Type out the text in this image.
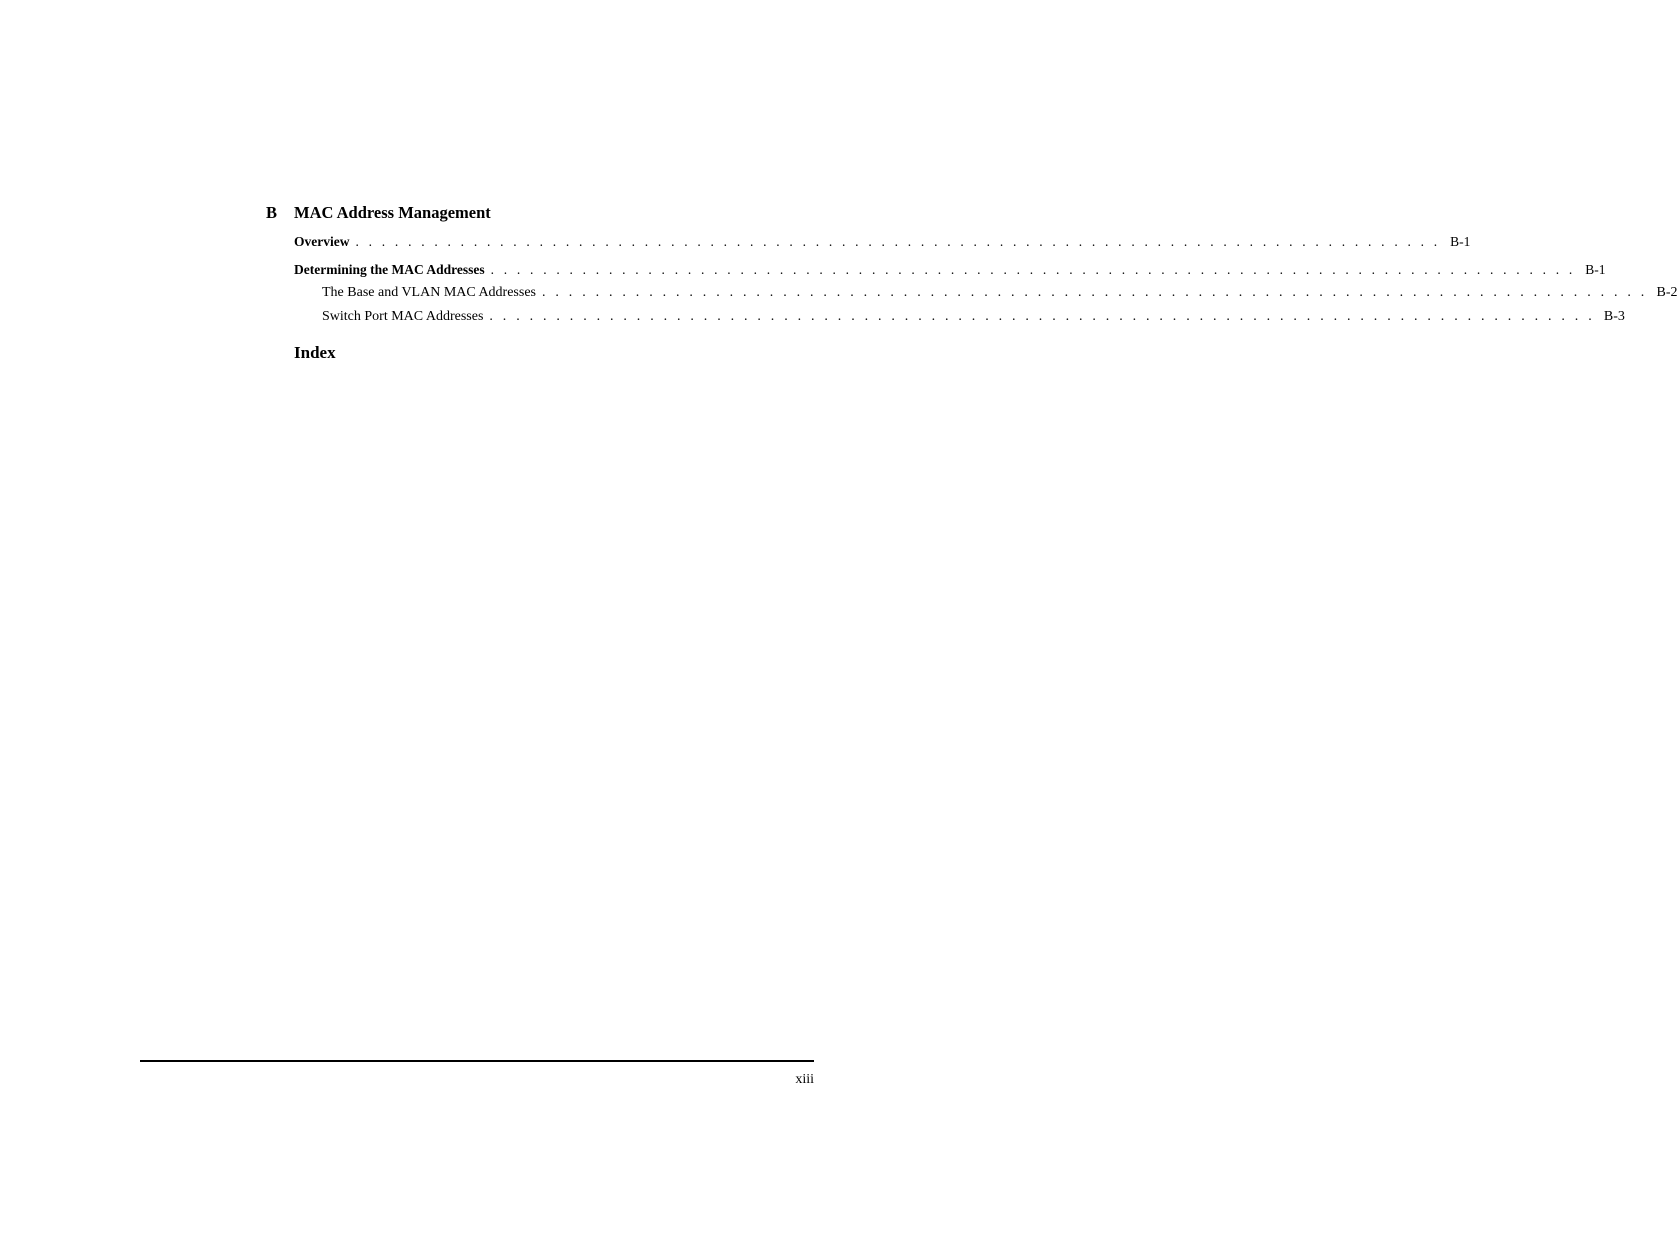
B	MAC Address Management
Overview . . . . . . . . . . . . . . . . . . . . . . . . . . . . . . . . . . . . . . . . . . . . . . . . . . . . . . . . . . . . . . . . . . . . . . . . . . . . . . . . . . . B-1
Determining the MAC Addresses . . . . . . . . . . . . . . . . . . . . . . . . . . . . . . . . . . . . . . . . . . . . . . . . . . . . . . . . . . . . . . . . . . . . . . . . . . . . . . . . . . . B-1
The Base and VLAN MAC Addresses . . . . . . . . . . . . . . . . . . . . . . . . . . . . . . . . . . . . . . . . . . . . . . . . . . . . . . . . . . . . . . . . . . . . . . . . . . . . . . . . . . . B-2
Switch Port MAC Addresses . . . . . . . . . . . . . . . . . . . . . . . . . . . . . . . . . . . . . . . . . . . . . . . . . . . . . . . . . . . . . . . . . . . . . . . . . . . . . . . . . . . B-3
Index
xiii
